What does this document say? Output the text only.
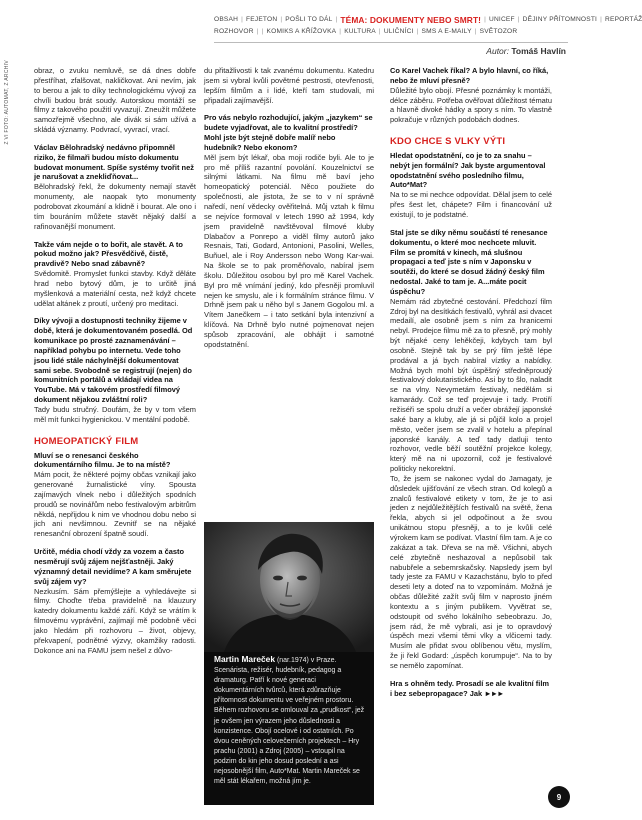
Z VI FOTO: AUTOMAT, Z ARCHIV
OBSAH | FEJETON | POŠLI TO DÁL | TÉMA: DOKUMENTY NEBO SMRT! | UNICEF | DĚJINY PŘÍTOMNOSTI | REPORTÁŽ
ROZHOVOR | | KOMIKS A KŘÍŽOVKA | KULTURA | ULIČNÍCI | SMS A E-MAILY | SVĚTOZOR
Autor: Tomáš Havlín

obraz, o zvuku nemluvě, se dá dnes dobře přestříhat, zfalšovat, nakličkovat. Ani nevím, jak to berou a jak to díky technologickému vývoji za chvíli budou brát soudy. Autorskou montáží se filmy z takového použití vyvazují. Zneužít můžete samozřejmě všechno, ale divák si sám užívá a skládá významy. Podvrací, vyvrací, vrací.

Václav Bělohradský nedávno připomněl riziko, že filmaři budou místo dokumentu budovat monument. Spíše systémy tvořit než je narušovat a znekliďňovat...

Bělohradský řekl, že dokumenty nemají stavět monumenty, ale naopak tyto monumenty podrobovat zkoumání a klidně i bourat. Ale ono i tím bouráním můžete stavět nějaký další a rafinovanější monument.

Takže vám nejde o to bořit, ale stavět. A to pokud možno jak? Přesvědčivě, čistě, pravdivě? Nebo snad zábavně?

Svědomitě. Promyslet funkci stavby. Když děláte hrad nebo bytový dům, je to určitě jiná myšlenková a materiální cesta, než když chcete udělat altánek z proutí, určený pro meditaci.

Díky vývoji a dostupnosti techniky žijeme v době, která je dokumentovaném posedlá. Od komunikace po prosté zaznamenávání – například pohybu po internetu. Vede toho jsou lidé stále náchylnější dokumentovat sami sebe. Svobodně se registrují (nejen) do komunitních portálů a vkládají videa na YouTube. Má v takovém prostředí filmový dokument nějakou zvláštní roli?

Tady budu stručný. Doufám, že by v tom všem měl mít funkci hygienickou. V mentální podobě.

HOMEOPATICKÝ FILM

Mluví se o renesanci českého dokumentárního filmu. Je to na místě?

Mám pocit, že některé pojmy občas vznikají jako generované žurnalistické víny. Spousta zajímavých vlnek nebo i důležitých spodních proudů se novinářům nebo festivalovým arbitrům někdá, nepřijdou k nim ve vhodnou dobu nebo si jich ani nevšimnou. Zevnitř se na nějaké renesanční obrození špatně soudí.

Určitě, média chodí vždy za vozem a často nesměrují svůj zájem nejšťastněji. Jaký významný detail nevidíme? A kam směrujete svůj zájem vy?

Nezkusím. Sám přemýšlejte a vyhledávejte si filmy. Choďte třeba pravidelně na klauzury katedry dokumentu každé září. Když se vrátím k filmovému vyprávění, zajímají mě podobně věci jako hledám při rozhovoru – život, objevy, překvapení, podnětné výzvy, okamžiky radosti. Dokonce ani na FAMU jsem nešel z důvo-

du přitažlivosti k tak zvanému dokumentu. Katedru jsem si vybral kvůli povětrné pestrosti, otevřenosti, lepším filmům a i lidé, kteří tam studovali, mi připadali zajímavější.

Pro vás nebylo rozhodující, jakým „jazykem“ se budete vyjadřovat, ale to kvalitní prostředí? Mohl jste být stejně dobře malíř nebo hudebník? Nebo ekonom?

Měl jsem být lékař, oba moji rodiče byli. Ale to je pro mě příliš razantní povolání. Kouzelnictví se silnými látkami. Na filmu mě baví jeho homeopatický potenciál. Něco použiete do společnosti, ale jistota, že se to v ní správně naředí, není vědecky ověřitelná. Můj vztah k filmu se nejvíce formoval v letech 1990 až 1994, kdy jsem pravidelně navštěvoval filmové kluby Dlabačov a Ponrepo a viděl filmy autorů jako Resnais, Tati, Godard, Antonioni, Pasolini, Welles, Buñuel, ale i Roy Andersson nebo Wong Kar-wai. Na škole se to pak proměňovalo, nabíral jsem školu. Důležitou osobou byl pro mě Karel Vachek. Byl pro mě vnímání jediný, kdo přesněji promluvil nejen ke smyslu, ale i k formálním stránce filmu. V Drhně jsem pak u něho byl s Janem Gogolou ml. a Vítem Janečkem – i tato setkání byla intenzivní a klíčová. Na Drhně bylo nutné pojmenovat nejen spůsob zpracování, ale obhájit i samotné opodstatnění.

Martin Mareček (nar.1974) v Praze. Scenárista, režisér, hudebník, pedagog a dramaturg. Patří k nové generaci dokumentárních tvůrců, která zdůrazňuje přítomnost dokumentu ve veřejném prostoru. Během rozhovoru se omlouval za „prudkost“, jež je ovšem jen výrazem jeho důslednosti a konzistence. Obojí ocelové i od ostatních. Po dvou ceněných celovečerních projektech – Hry prachu (2001) a Zdroj (2005) – vstoupil na podzim do kin jeho dosud poslední a asi nejosobnější film, Auto*Mat. Martin Mareček se měl stát lékařem, možná jím je.

Co Karel Vachek říkal? A bylo hlavní, co říká, nebo že mluví přesně?

Důležité bylo obojí. Přesné poznámky k montáži, délce záběru. Potřeba ověřovat důležitost tématu a hlavně divoké hádky a spory s ním. To vlastně pokračuje v různých podobách dodnes.

KDO CHCE S VLKY VÝTI

Hledat opodstatnění, co je to za snahu – nebýt jen formální? Jak byste argumentoval opodstatnění svého posledního filmu, Auto*Mat?

Na to se mi nechce odpovídat. Dělal jsem to celé přes šest let, chápete? Film i financování už existují, to je podstatné.

Stal jste se díky němu součástí té renesance dokumentu, o které moc nechcete mluvit. Film se promítá v kinech, má slušnou propagaci a teď jste s ním v Japonsku v soutěži, do které se dosud žádný český film nedostal. Jaké to tam je. A...máte pocit úspěchu?

Nemám rád zbytečné cestování. Předchozí film Zdroj byl na desítkách festivalů, vyhrál asi dvacet medailí, ale osobně jsem s ním za hranicemi nebyl. Prodejce filmu mě za to přesně, prý mohly být nějaké ceny lehěkčeji, kdybych tam byl osobně. Stejně tak by se prý film ještě lépe prodával a já bych nabíral víztky a nabídky. Možná bych mohl být úspěšný středněproudý festivalový dokutaristického. Asi by to šlo, naladit se na vlny. Nevymetám festivaly, nedělám si kamarády. Což se teď projevuje i tady. Protiří režiséři se spolu druží a večer obrážejí japonské saké bary a kluby, ale já si půjčil kolo a projel město, večer jsem se zvalil v hotelu a přepínal japonské kanály. A teď tady datluji tento rozhovor, vedle běží soutěžní projekce kolegy, který mě na ni upozornil, což je festivalové politicky nekorektní.

To, že jsem se nakonec vydal do Jamagaty, je důsledek ujišťování ze všech stran. Od kolegů a znalců festivalové etikety v tom, že je to asi jeden z nejdůležitějších festivalů na světě, žena řekla, abych si jel odpočinout a že svou unikátnou stopu přesněji, a to je kvůli celé výrokem kam se podívat. Vlastní film tam. A je co zakázat a tak. Dřeva se na mě. Všichni, abych celé zbytečně neshazoval a nepůsobil tak nabubřele a sebemrskačsky. Napsledy jsem byl tady jeste za FAMU v Kazachstánu, bylo to před deseti lety a doteď na to vzpomínám. Možná je občas důležité zažít svůj film v naprosto jiném kontextu a s jiným publikem. Vyvětrat se, odstoupit od svého lokálního sebeobrazu. Jo, jsem rád, že mě vybrali, asi je to opravdový úspěch mezi všemi těmi vlky a vlčicemi tady. Musím ale přidat svou oblíbenou větu, myslím, že ji řekl Godard: „úspěch korumpuje“. Na to by se nemělo zapomínat.

Hra s ohněm tedy. Prosadí se ale kvalitní film i bez sebepropagace? Jak ►►►

9
